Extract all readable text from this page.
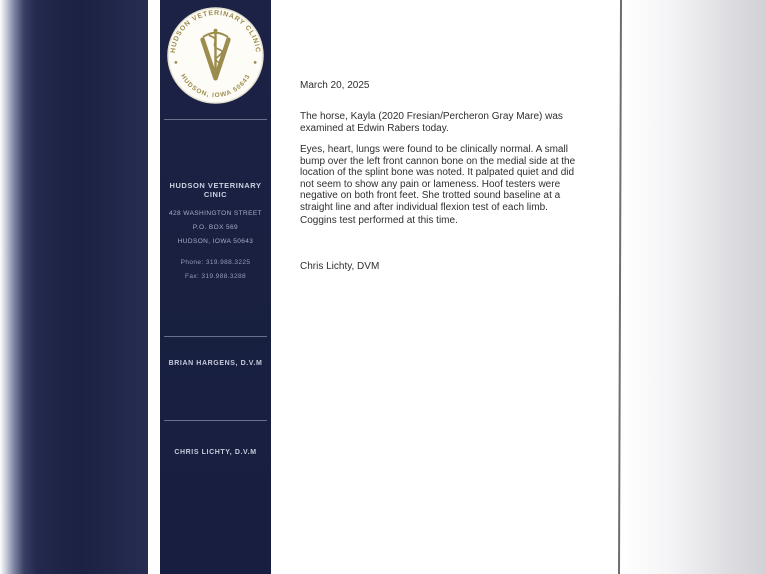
HUDSON VETERINARY CLINIC
HUDSON, IOWA 50643
HUDSON VETERINARY CINIC
428 WASHINGTON STREET
P.O. BOX 569
HUDSON, IOWA 50643
Phone: 319.988.3225
Fax: 319.988.3288
BRIAN HARGENS, D.V.M
CHRIS LICHTY, D.V.M

March 20, 2025

The horse, Kayla (2020 Fresian/Percheron Gray Mare) was examined at Edwin Rabers today.

Eyes, heart, lungs were found to be clinically normal. A small bump over the left front cannon bone on the medial side at the location of the splint bone was noted. It palpated quiet and did not seem to show any pain or lameness. Hoof testers were negative on both front feet. She trotted sound baseline at a straight line and after individual flexion test of each limb.

Coggins test performed at this time.

Chris Lichty, DVM
